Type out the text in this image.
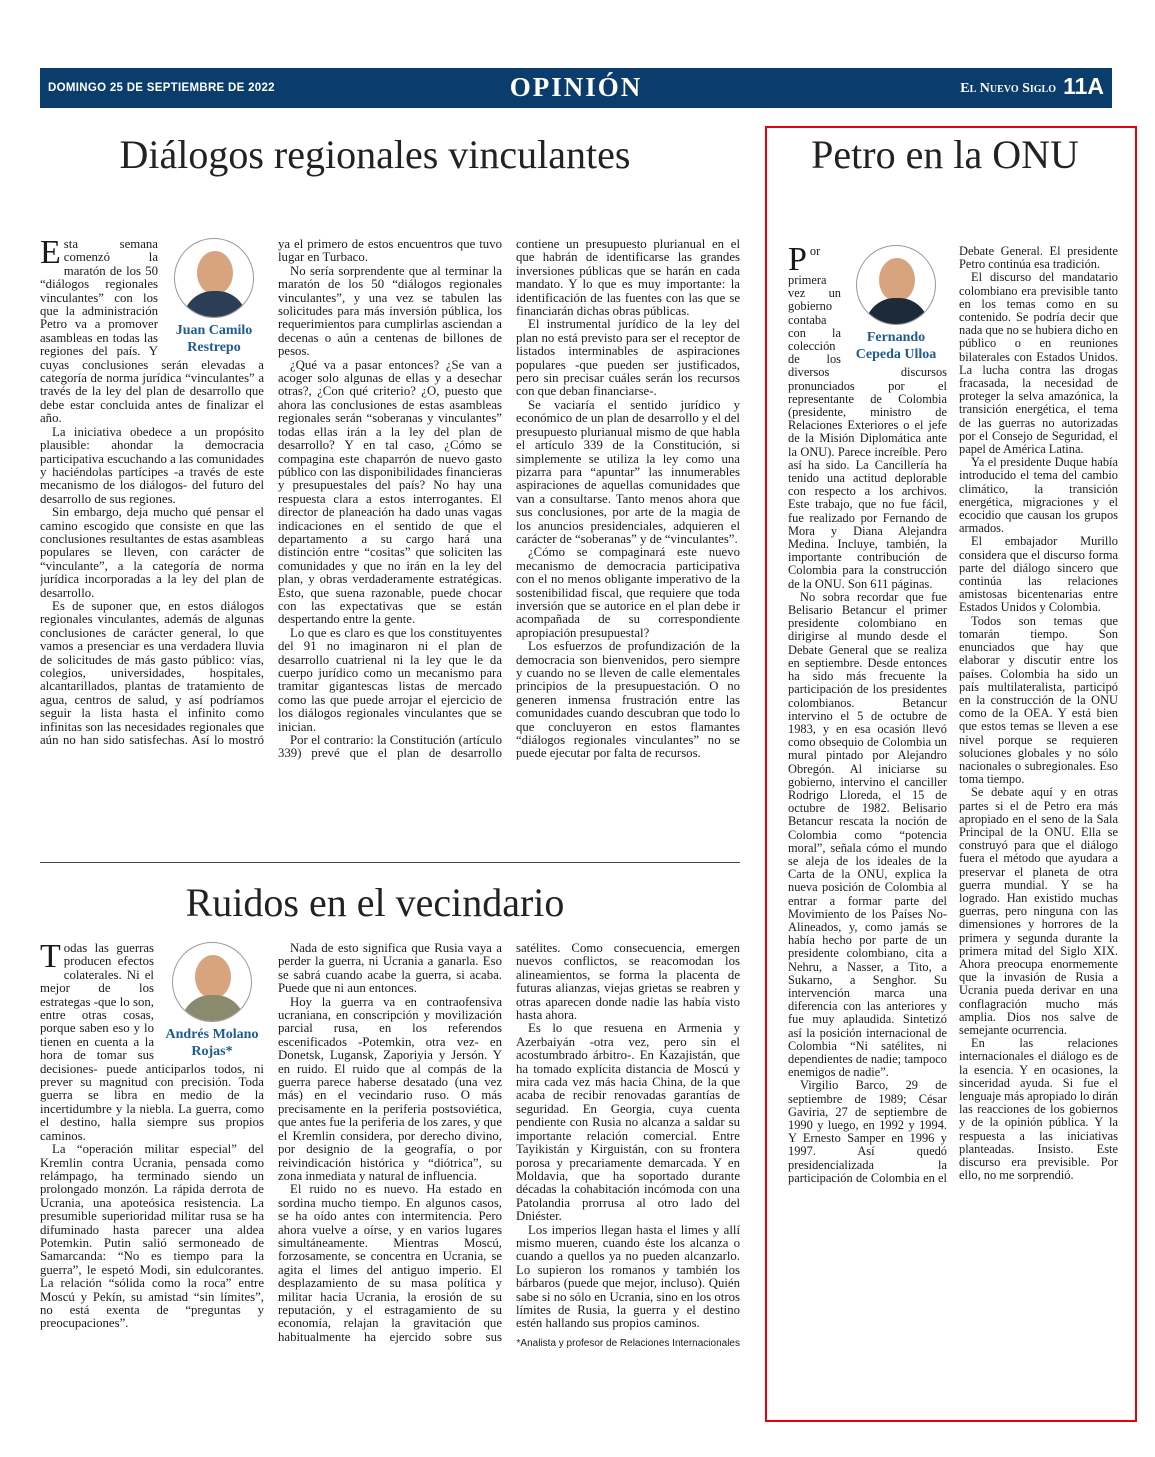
DOMINGO 25 DE SEPTIEMBRE DE 2022	OPINIÓN	El Nuevo Siglo 11A
Diálogos regionales vinculantes
Juan Camilo Restrepo

Esta semana comenzó la maratón de los 50 “diálogos regionales vinculantes” con los que la administración Petro va a promover asambleas en todas las regiones del país. Y cuyas conclusiones serán elevadas a categoría de norma jurídica “vinculantes” a través de la ley del plan de desarrollo que debe estar concluida antes de finalizar el año.

La iniciativa obedece a un propósito plausible: ahondar la democracia participativa escuchando a las comunidades y haciéndolas partícipes -a través de este mecanismo de los diálogos- del futuro del desarrollo de sus regiones.

Sin embargo, deja mucho qué pensar el camino escogido que consiste en que las conclusiones resultantes de estas asambleas populares se lleven, con carácter de “vinculante”, a la categoría de norma jurídica incorporadas a la ley del plan de desarrollo.

Es de suponer que, en estos diálogos regionales vinculantes, además de algunas conclusiones de carácter general, lo que vamos a presenciar es una verdadera lluvia de solicitudes de más gasto público: vías, colegios, universidades, hospitales, alcantarillados, plantas de tratamiento de agua, centros de salud, y así podríamos seguir la lista hasta el infinito como infinitas son las necesidades regionales que aún no han sido satisfechas. Así lo mostró ya el primero de estos encuentros que tuvo lugar en Turbaco.

No sería sorprendente que al terminar la maratón de los 50 “diálogos regionales vinculantes”, y una vez se tabulen las solicitudes para más inversión pública, los requerimientos para cumplirlas asciendan a decenas o aún a centenas de billones de pesos.

¿Qué va a pasar entonces? ¿Se van a acoger solo algunas de ellas y a desechar otras?, ¿Con qué criterio? ¿O, puesto que ahora las conclusiones de estas asambleas regionales serán “soberanas y vinculantes” todas ellas irán a la ley del plan de desarrollo? Y en tal caso, ¿Cómo se compagina este chaparrón de nuevo gasto público con las disponibilidades financieras y presupuestales del país? No hay una respuesta clara a estos interrogantes. El director de planeación ha dado unas vagas indicaciones en el sentido de que el departamento a su cargo hará una distinción entre “cositas” que soliciten las comunidades y que no irán en la ley del plan, y obras verdaderamente estratégicas. Esto, que suena razonable, puede chocar con las expectativas que se están despertando entre la gente.

Lo que es claro es que los constituyentes del 91 no imaginaron ni el plan de desarrollo cuatrienal ni la ley que le da cuerpo jurídico como un mecanismo para tramitar gigantescas listas de mercado como las que puede arrojar el ejercicio de los diálogos regionales vinculantes que se inician.

Por el contrario: la Constitución (artículo 339) prevé que el plan de desarrollo contiene un presupuesto plurianual en el que habrán de identificarse las grandes inversiones públicas que se harán en cada mandato. Y lo que es muy importante: la identificación de las fuentes con las que se financiarán dichas obras públicas.

El instrumental jurídico de la ley del plan no está previsto para ser el receptor de listados interminables de aspiraciones populares -que pueden ser justificados, pero sin precisar cuáles serán los recursos con que deban financiarse-.

Se vaciaría el sentido jurídico y económico de un plan de desarrollo y el del presupuesto plurianual mismo de que habla el artículo 339 de la Constitución, si simplemente se utiliza la ley como una pizarra para “apuntar” las innumerables aspiraciones de aquellas comunidades que van a consultarse. Tanto menos ahora que sus conclusiones, por arte de la magia de los anuncios presidenciales, adquieren el carácter de “soberanas” y de “vinculantes”.

¿Cómo se compaginará este nuevo mecanismo de democracia participativa con el no menos obligante imperativo de la sostenibilidad fiscal, que requiere que toda inversión que se autorice en el plan debe ir acompañada de su correspondiente apropiación presupuestal?

Los esfuerzos de profundización de la democracia son bienvenidos, pero siempre y cuando no se lleven de calle elementales principios de la presupuestación. O no generen inmensa frustración entre las comunidades cuando descubran que todo lo que concluyeron en estos flamantes “diálogos regionales vinculantes” no se puede ejecutar por falta de recursos.

Ruidos en el vecindario
Andrés Molano Rojas*

Todas las guerras producen efectos colaterales. Ni el mejor de los estrategas -que lo son, entre otras cosas, porque saben eso y lo tienen en cuenta a la hora de tomar sus decisiones- puede anticiparlos todos, ni prever su magnitud con precisión. Toda guerra se libra en medio de la incertidumbre y la niebla. La guerra, como el destino, halla siempre sus propios caminos.

La “operación militar especial” del Kremlin contra Ucrania, pensada como relámpago, ha terminado siendo un prolongado monzón. La rápida derrota de Ucrania, una apoteósica resistencia. La presumible superioridad militar rusa se ha difuminado hasta parecer una aldea Potemkin. Putin salió sermoneado de Samarcanda: “No es tiempo para la guerra”, le espetó Modi, sin edulcorantes. La relación “sólida como la roca” entre Moscú y Pekín, su amistad “sin límites”, no está exenta de “preguntas y preocupaciones”.

Nada de esto significa que Rusia vaya a perder la guerra, ni Ucrania a ganarla. Eso se sabrá cuando acabe la guerra, si acaba. Puede que ni aun entonces.

Hoy la guerra va en contraofensiva ucraniana, en conscripción y movilización parcial rusa, en los referendos escenificados -Potemkin, otra vez- en Donetsk, Lugansk, Zaporiyia y Jersón. Y en ruido. El ruido que al compás de la guerra parece haberse desatado (una vez más) en el vecindario ruso. O más precisamente en la periferia postsoviética, que antes fue la periferia de los zares, y que el Kremlin considera, por derecho divino, por designio de la geografía, o por reivindicación histórica y “diótrica”, su zona inmediata y natural de influencia.

El ruido no es nuevo. Ha estado en sordina mucho tiempo. En algunos casos, se ha oído antes con intermitencia. Pero ahora vuelve a oírse, y en varios lugares simultáneamente. Mientras Moscú, forzosamente, se concentra en Ucrania, se agita el limes del antiguo imperio. El desplazamiento de su masa política y militar hacia Ucrania, la erosión de su reputación, y el estragamiento de su economía, relajan la gravitación que habitualmente ha ejercido sobre sus satélites. Como consecuencia, emergen nuevos conflictos, se reacomodan los alineamientos, se forma la placenta de futuras alianzas, viejas grietas se reabren y otras aparecen donde nadie las había visto hasta ahora.

Es lo que resuena en Armenia y Azerbaiyán -otra vez, pero sin el acostumbrado árbitro-. En Kazajistán, que ha tomado explícita distancia de Moscú y mira cada vez más hacia China, de la que acaba de recibir renovadas garantías de seguridad. En Georgia, cuya cuenta pendiente con Rusia no alcanza a saldar su importante relación comercial. Entre Tayikistán y Kirguistán, con su frontera porosa y precariamente demarcada. Y en Moldavia, que ha soportado durante décadas la cohabitación incómoda con una Patolandia prorrusa al otro lado del Dniéster.

Los imperios llegan hasta el limes y allí mismo mueren, cuando éste los alcanza o cuando a quellos ya no pueden alcanzarlo. Lo supieron los romanos y también los bárbaros (puede que mejor, incluso). Quién sabe si no sólo en Ucrania, sino en los otros límites de Rusia, la guerra y el destino estén hallando sus propios caminos.

*Analista y profesor de Relaciones Internacionales
Petro en la ONU
Fernando Cepeda Ulloa

Por primera vez un gobierno contaba con la colección de los diversos discursos pronunciados por el representante de Colombia (presidente, ministro de Relaciones Exteriores o el jefe de la Misión Diplomática ante la ONU). Parece increíble. Pero así ha sido. La Cancillería ha tenido una actitud deplorable con respecto a los archivos. Este trabajo, que no fue fácil, fue realizado por Fernando de Mora y Diana Alejandra Medina. Incluye, también, la importante contribución de Colombia para la construcción de la ONU. Son 611 páginas.

No sobra recordar que fue Belisario Betancur el primer presidente colombiano en dirigirse al mundo desde el Debate General que se realiza en septiembre. Desde entonces ha sido más frecuente la participación de los presidentes colombianos. Betancur intervino el 5 de octubre de 1983, y en esa ocasión llevó como obsequio de Colombia un mural pintado por Alejandro Obregón. Al iniciarse su gobierno, intervino el canciller Rodrigo Lloreda, el 15 de octubre de 1982. Belisario Betancur rescata la noción de Colombia como “potencia moral”, señala cómo el mundo se aleja de los ideales de la Carta de la ONU, explica la nueva posición de Colombia al entrar a formar parte del Movimiento de los Países No-Alineados, y, como jamás se había hecho por parte de un presidente colombiano, cita a Nehru, a Nasser, a Tito, a Sukarno, a Senghor. Su intervención marca una diferencia con las anteriores y fue muy aplaudida. Sintetizó así la posición internacional de Colombia “Ni satélites, ni dependientes de nadie; tampoco enemigos de nadie”.

Virgilio Barco, 29 de septiembre de 1989; César Gaviria, 27 de septiembre de 1990 y luego, en 1992 y 1994. Y Ernesto Samper en 1996 y 1997. Así quedó presidencializada la participación de Colombia en el Debate General. El presidente Petro continúa esa tradición.

El discurso del mandatario colombiano era previsible tanto en los temas como en su contenido. Se podría decir que nada que no se hubiera dicho en público o en reuniones bilaterales con Estados Unidos. La lucha contra las drogas fracasada, la necesidad de proteger la selva amazónica, la transición energética, el tema de las guerras no autorizadas por el Consejo de Seguridad, el papel de América Latina.

Ya el presidente Duque había introducido el tema del cambio climático, la transición energética, migraciones y el ecocidio que causan los grupos armados.

El embajador Murillo considera que el discurso forma parte del diálogo sincero que continúa las relaciones amistosas bicentenarias entre Estados Unidos y Colombia.

Todos son temas que tomarán tiempo. Son enunciados que hay que elaborar y discutir entre los países. Colombia ha sido un país multilateralista, participó en la construcción de la ONU como de la OEA. Y está bien que estos temas se lleven a ese nivel porque se requieren soluciones globales y no sólo nacionales o subregionales. Eso toma tiempo.

Se debate aquí y en otras partes si el de Petro era más apropiado en el seno de la Sala Principal de la ONU. Ella se construyó para que el diálogo fuera el método que ayudara a preservar el planeta de otra guerra mundial. Y se ha logrado. Han existido muchas guerras, pero ninguna con las dimensiones y horrores de la primera y segunda durante la primera mitad del Siglo XIX. Ahora preocupa enormemente que la invasión de Rusia a Ucrania pueda derivar en una conflagración mucho más amplia. Dios nos salve de semejante ocurrencia.

En las relaciones internacionales el diálogo es de la esencia. Y en ocasiones, la sinceridad ayuda. Si fue el lenguaje más apropiado lo dirán las reacciones de los gobiernos y de la opinión pública. Y la respuesta a las iniciativas planteadas. Insisto. Este discurso era previsible. Por ello, no me sorprendió.
